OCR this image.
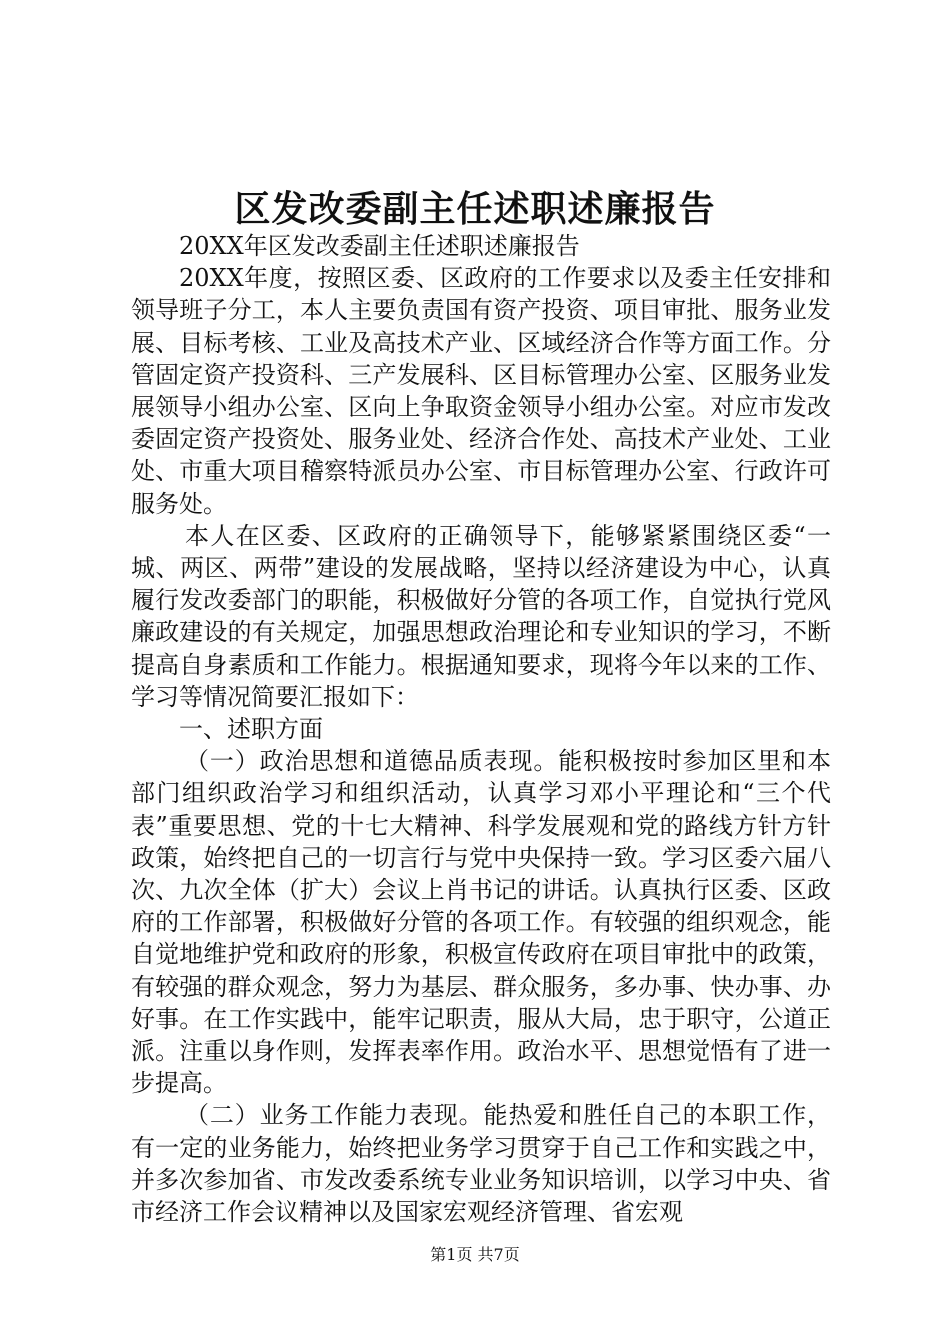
区发改委副主任述职述廉报告

20XX年区发改委副主任述职述廉报告

20XX年度，按照区委、区政府的工作要求以及委主任安排和领导班子分工，本人主要负责国有资产投资、项目审批、服务业发展、目标考核、工业及高技术产业、区域经济合作等方面工作。分管固定资产投资科、三产发展科、区目标管理办公室、区服务业发展领导小组办公室、区向上争取资金领导小组办公室。对应市发改委固定资产投资处、服务业处、经济合作处、高技术产业处、工业处、市重大项目稽察特派员办公室、市目标管理办公室、行政许可服务处。

本人在区委、区政府的正确领导下，能够紧紧围绕区委“一城、两区、两带”建设的发展战略，坚持以经济建设为中心，认真履行发改委部门的职能，积极做好分管的各项工作，自觉执行党风廉政建设的有关规定，加强思想政治理论和专业知识的学习，不断提高自身素质和工作能力。根据通知要求，现将今年以来的工作、学习等情况简要汇报如下：

一、述职方面

（一）政治思想和道德品质表现。能积极按时参加区里和本部门组织政治学习和组织活动，认真学习邓小平理论和“三个代表”重要思想、党的十七大精神、科学发展观和党的路线方针方针政策，始终把自己的一切言行与党中央保持一致。学习区委六届八次、九次全体（扩大）会议上肖书记的讲话。认真执行区委、区政府的工作部署，积极做好分管的各项工作。有较强的组织观念，能自觉地维护党和政府的形象，积极宣传政府在项目审批中的政策，有较强的群众观念，努力为基层、群众服务，多办事、快办事、办好事。在工作实践中，能牢记职责，服从大局，忠于职守，公道正派。注重以身作则，发挥表率作用。政治水平、思想觉悟有了进一步提高。

（二）业务工作能力表现。能热爱和胜任自己的本职工作，有一定的业务能力，始终把业务学习贯穿于自己工作和实践之中，并多次参加省、市发改委系统专业业务知识培训，以学习中央、省市经济工作会议精神以及国家宏观经济管理、省宏观

第1页 共7页
